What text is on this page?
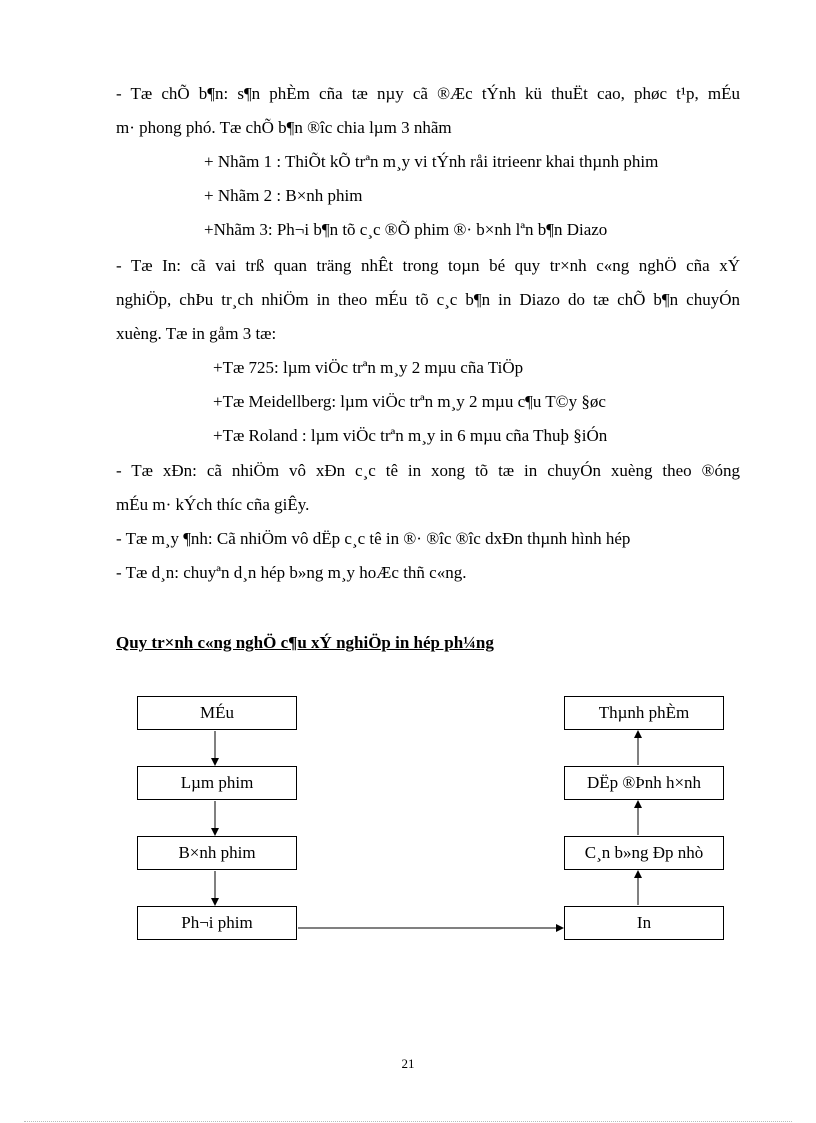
- Tæ chÕ b¶n: s¶n phÈm cña tæ nµy cã ®Æc tÝnh kü thuËt cao, phøc t¹p, mÉu
m· phong phó. Tæ chÕ b¶n ®îc chia lµm 3 nhãm
+ Nhãm 1 : ThiÕt kÕ trªn m¸y vi tÝnh råi itrieenr khai thµnh phim
+ Nhãm 2 : B×nh phim
+Nhãm 3: Ph¬i b¶n tõ c¸c ®Õ phim ®· b×nh lªn b¶n Diazo
- Tæ In: cã vai trß quan träng nhÊt trong toµn bé quy tr×nh c«ng nghÖ cña xÝ
nghiÖp, chÞu tr¸ch nhiÖm in theo mÉu tõ c¸c b¶n in Diazo do tæ chÕ b¶n chuyÓn
xuèng. Tæ in gåm 3 tæ:
+Tæ 725: lµm viÖc trªn m¸y 2 mµu cña TiÖp
+Tæ Meidellberg: lµm viÖc trªn m¸y 2 mµu c¶u T©y §øc
+Tæ Roland : lµm viÖc trªn m¸y in 6 mµu cña Thuþ §iÓn
- Tæ xÐn: cã nhiÖm vô xÐn c¸c tê in xong tõ tæ in chuyÓn xuèng theo ®óng
mÉu m· kÝch thíc cña giÊy.
- Tæ m¸y ¶nh: Cã nhiÖm vô dËp c¸c tê in ®· ®îc ®îc dxÐn thµnh hình hép
- Tæ d¸n: chuyªn d¸n hép b»ng m¸y hoÆc thñ c«ng.
Quy tr×nh c«ng nghÖ c¶u xÝ nghiÖp in hép ph¼ng
MÉu
Lµm phim
B×nh phim
Ph¬i phim
Thµnh phÈm
DËp ®Þnh h×nh
C¸n b»ng Ðp nhò
In
21
